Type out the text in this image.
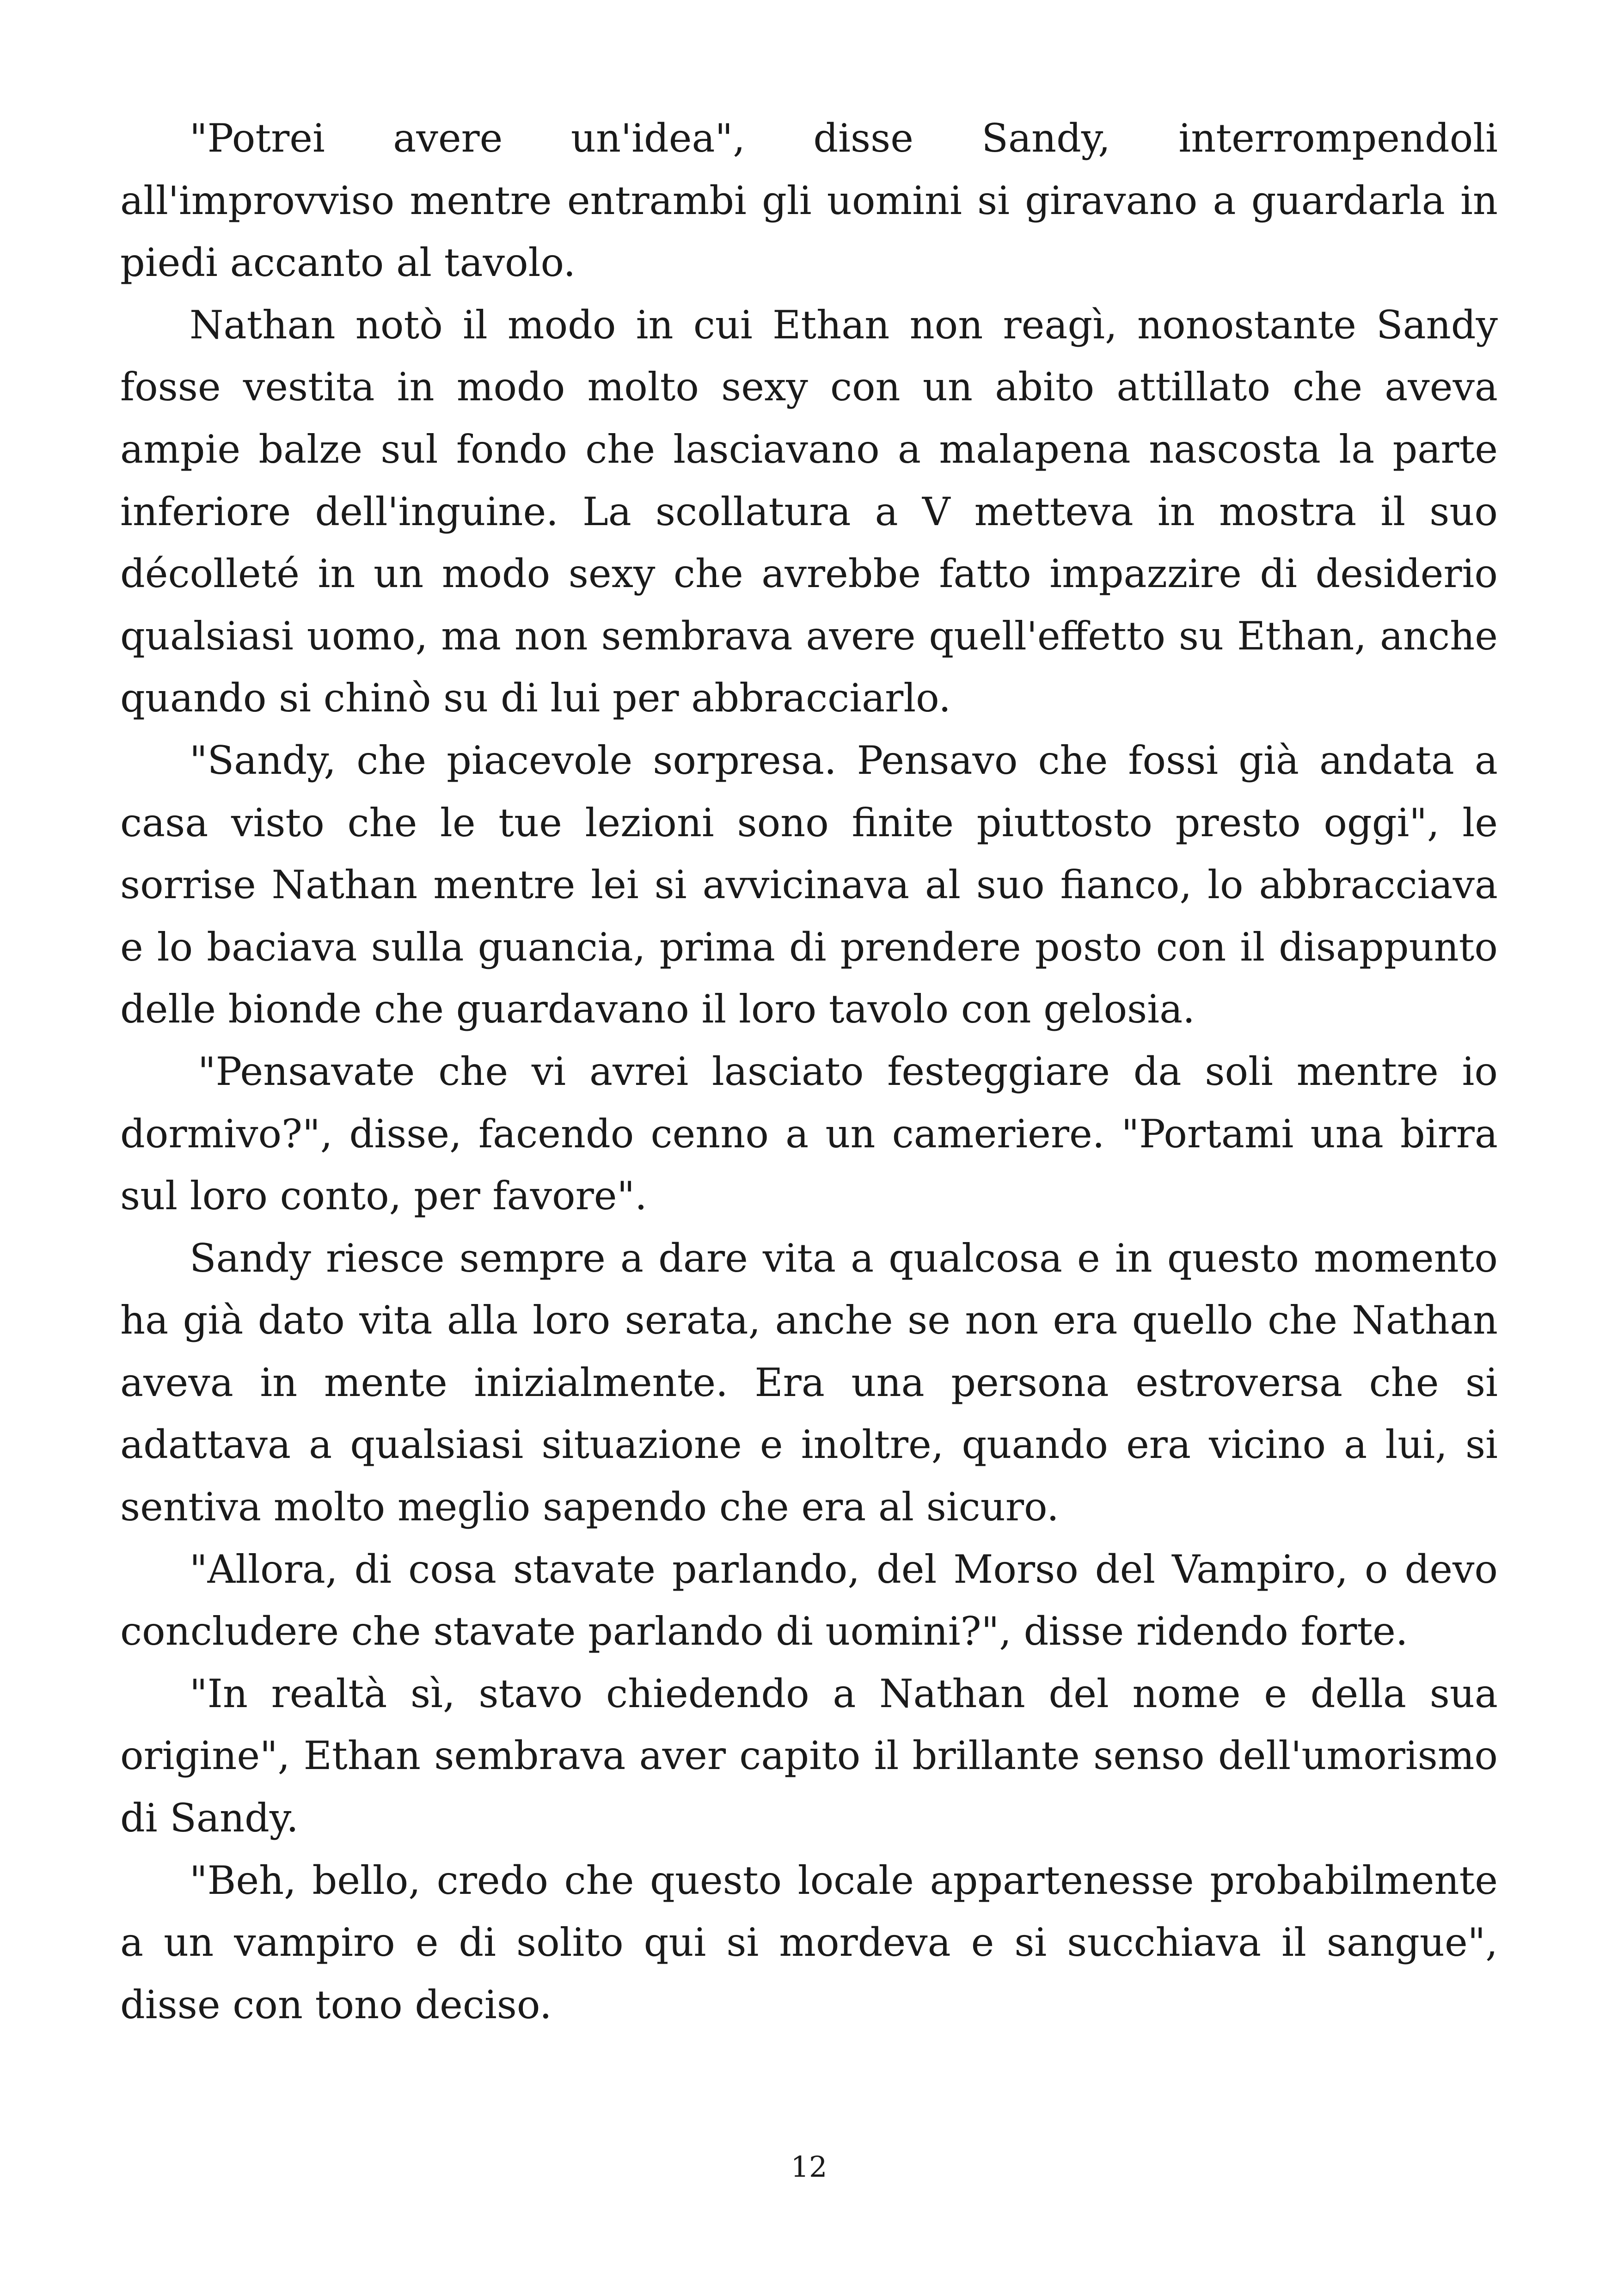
"Potrei avere un'idea", disse Sandy, interrompendoli all'improvviso mentre entrambi gli uomini si giravano a guardarla in piedi accanto al tavolo.

Nathan notò il modo in cui Ethan non reagì, nonostante Sandy fosse vestita in modo molto sexy con un abito attillato che aveva ampie balze sul fondo che lasciavano a malapena nascosta la parte inferiore dell'inguine. La scollatura a V metteva in mostra il suo décolleté in un modo sexy che avrebbe fatto impazzire di desiderio qualsiasi uomo, ma non sembrava avere quell'effetto su Ethan, anche quando si chinò su di lui per abbracciarlo.

"Sandy, che piacevole sorpresa. Pensavo che fossi già andata a casa visto che le tue lezioni sono finite piuttosto presto oggi", le sorrise Nathan mentre lei si avvicinava al suo fianco, lo abbracciava e lo baciava sulla guancia, prima di prendere posto con il disappunto delle bionde che guardavano il loro tavolo con gelosia.

"Pensavate che vi avrei lasciato festeggiare da soli mentre io dormivo?", disse, facendo cenno a un cameriere. "Portami una birra sul loro conto, per favore".

Sandy riesce sempre a dare vita a qualcosa e in questo momento ha già dato vita alla loro serata, anche se non era quello che Nathan aveva in mente inizialmente. Era una persona estroversa che si adattava a qualsiasi situazione e inoltre, quando era vicino a lui, si sentiva molto meglio sapendo che era al sicuro.

"Allora, di cosa stavate parlando, del Morso del Vampiro, o devo concludere che stavate parlando di uomini?", disse ridendo forte.

"In realtà sì, stavo chiedendo a Nathan del nome e della sua origine", Ethan sembrava aver capito il brillante senso dell'umorismo di Sandy.

"Beh, bello, credo che questo locale appartenesse probabilmente a un vampiro e di solito qui si mordeva e si succhiava il sangue", disse con tono deciso.

12
